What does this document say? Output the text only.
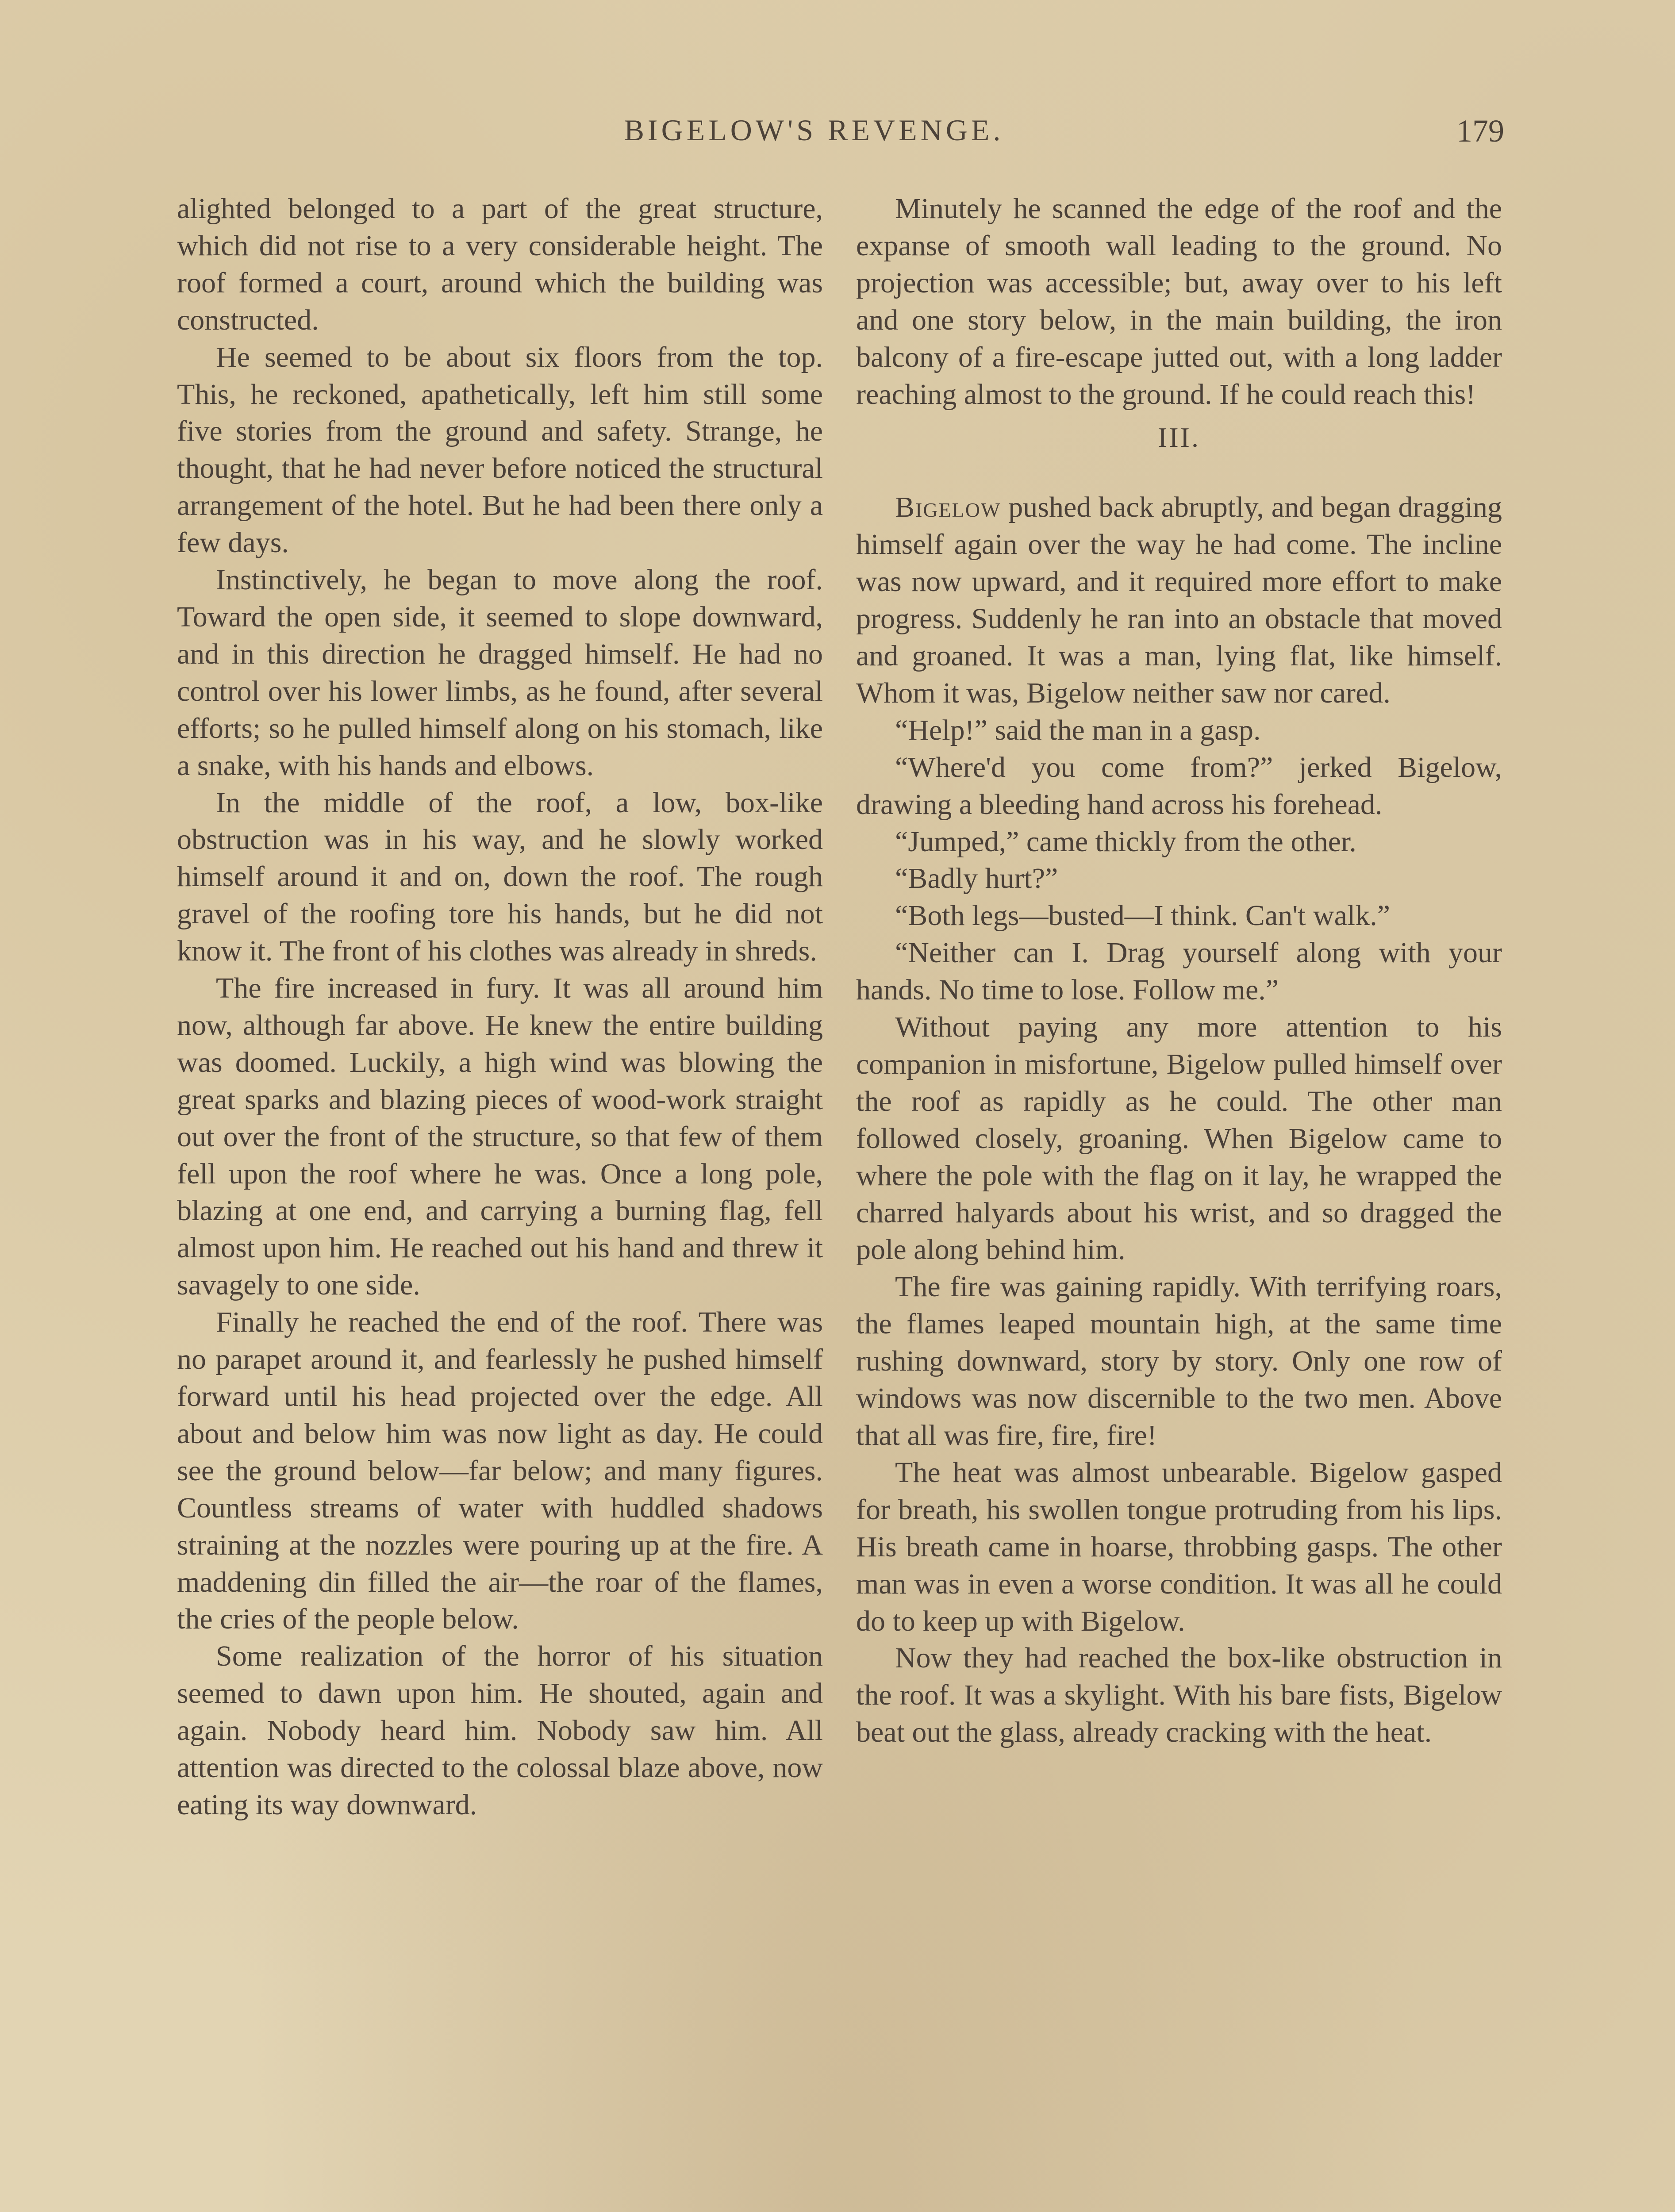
BIGELOW'S REVENGE.	179

alighted belonged to a part of the great structure, which did not rise to a very considerable height. The roof formed a court, around which the building was constructed.

He seemed to be about six floors from the top. This, he reckoned, apathetically, left him still some five stories from the ground and safety. Strange, he thought, that he had never before noticed the structural arrangement of the hotel. But he had been there only a few days.

Instinctively, he began to move along the roof. Toward the open side, it seemed to slope downward, and in this direction he dragged himself. He had no control over his lower limbs, as he found, after several efforts; so he pulled himself along on his stomach, like a snake, with his hands and elbows.

In the middle of the roof, a low, box-like obstruction was in his way, and he slowly worked himself around it and on, down the roof. The rough gravel of the roofing tore his hands, but he did not know it. The front of his clothes was already in shreds.

The fire increased in fury. It was all around him now, although far above. He knew the entire building was doomed. Luckily, a high wind was blowing the great sparks and blazing pieces of wood-work straight out over the front of the structure, so that few of them fell upon the roof where he was. Once a long pole, blazing at one end, and carrying a burning flag, fell almost upon him. He reached out his hand and threw it savagely to one side.

Finally he reached the end of the roof. There was no parapet around it, and fearlessly he pushed himself forward until his head projected over the edge. All about and below him was now light as day. He could see the ground below—far below; and many figures. Countless streams of water with huddled shadows straining at the nozzles were pouring up at the fire. A maddening din filled the air—the roar of the flames, the cries of the people below.

Some realization of the horror of his situation seemed to dawn upon him. He shouted, again and again. Nobody heard him. Nobody saw him. All attention was directed to the colossal blaze above, now eating its way downward.

Minutely he scanned the edge of the roof and the expanse of smooth wall leading to the ground. No projection was accessible; but, away over to his left and one story below, in the main building, the iron balcony of a fire-escape jutted out, with a long ladder reaching almost to the ground. If he could reach this!

III.

Bigelow pushed back abruptly, and began dragging himself again over the way he had come. The incline was now upward, and it required more effort to make progress. Suddenly he ran into an obstacle that moved and groaned. It was a man, lying flat, like himself. Whom it was, Bigelow neither saw nor cared.

“Help!” said the man in a gasp.

“Where'd you come from?” jerked Bigelow, drawing a bleeding hand across his forehead.

“Jumped,” came thickly from the other.

“Badly hurt?”

“Both legs—busted—I think. Can't walk.”

“Neither can I. Drag yourself along with your hands. No time to lose. Follow me.”

Without paying any more attention to his companion in misfortune, Bigelow pulled himself over the roof as rapidly as he could. The other man followed closely, groaning. When Bigelow came to where the pole with the flag on it lay, he wrapped the charred halyards about his wrist, and so dragged the pole along behind him.

The fire was gaining rapidly. With terrifying roars, the flames leaped mountain high, at the same time rushing downward, story by story. Only one row of windows was now discernible to the two men. Above that all was fire, fire, fire!

The heat was almost unbearable. Bigelow gasped for breath, his swollen tongue protruding from his lips. His breath came in hoarse, throbbing gasps. The other man was in even a worse condition. It was all he could do to keep up with Bigelow.

Now they had reached the box-like obstruction in the roof. It was a skylight. With his bare fists, Bigelow beat out the glass, already cracking with the heat.
